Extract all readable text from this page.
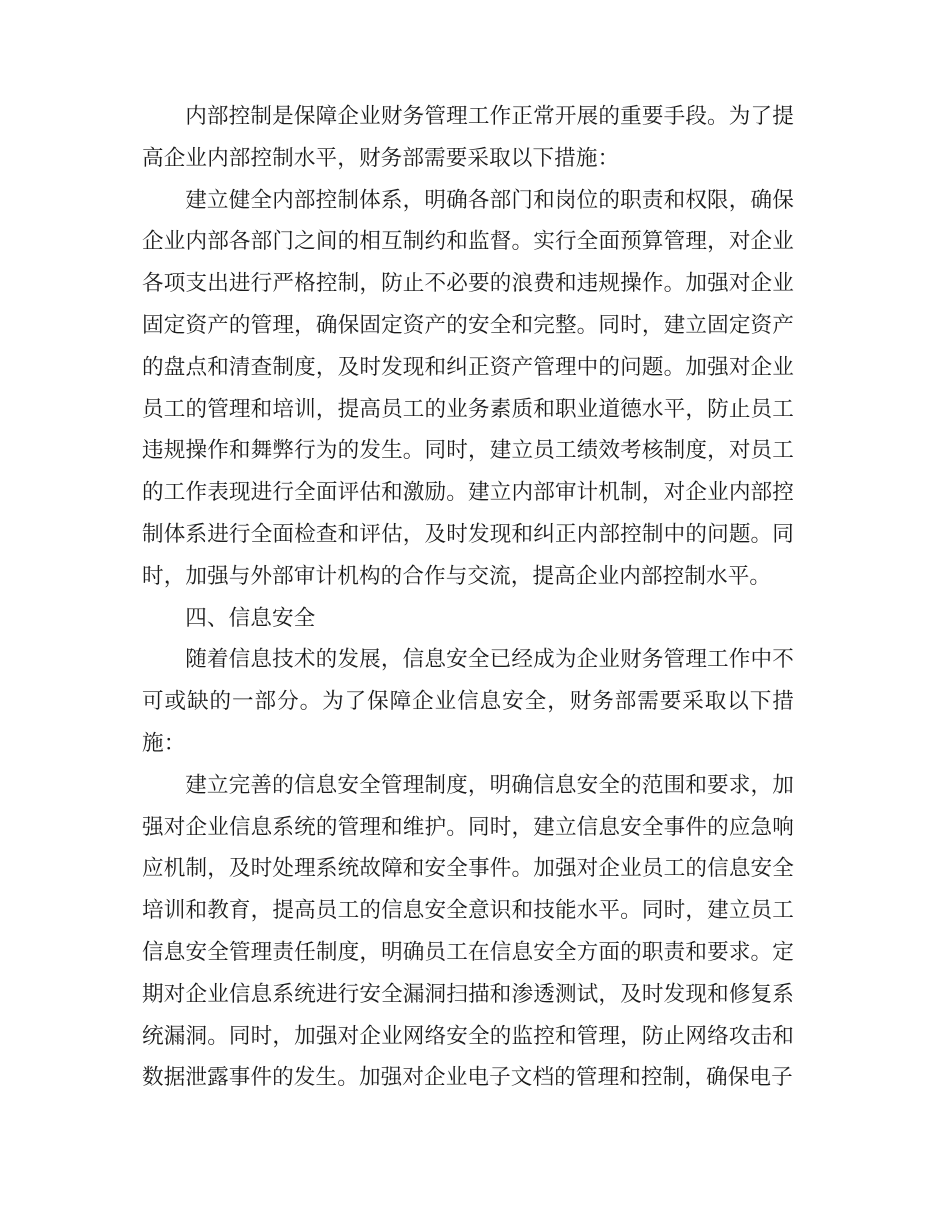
内部控制是保障企业财务管理工作正常开展的重要手段。为了提高企业内部控制水平，财务部需要采取以下措施：

建立健全内部控制体系，明确各部门和岗位的职责和权限，确保企业内部各部门之间的相互制约和监督。实行全面预算管理，对企业各项支出进行严格控制，防止不必要的浪费和违规操作。加强对企业固定资产的管理，确保固定资产的安全和完整。同时，建立固定资产的盘点和清查制度，及时发现和纠正资产管理中的问题。加强对企业员工的管理和培训，提高员工的业务素质和职业道德水平，防止员工违规操作和舞弊行为的发生。同时，建立员工绩效考核制度，对员工的工作表现进行全面评估和激励。建立内部审计机制，对企业内部控制体系进行全面检查和评估，及时发现和纠正内部控制中的问题。同时，加强与外部审计机构的合作与交流，提高企业内部控制水平。

四、信息安全

随着信息技术的发展，信息安全已经成为企业财务管理工作中不可或缺的一部分。为了保障企业信息安全，财务部需要采取以下措施：

建立完善的信息安全管理制度，明确信息安全的范围和要求，加强对企业信息系统的管理和维护。同时，建立信息安全事件的应急响应机制，及时处理系统故障和安全事件。加强对企业员工的信息安全培训和教育，提高员工的信息安全意识和技能水平。同时，建立员工信息安全管理责任制度，明确员工在信息安全方面的职责和要求。定期对企业信息系统进行安全漏洞扫描和渗透测试，及时发现和修复系统漏洞。同时，加强对企业网络安全的监控和管理，防止网络攻击和数据泄露事件的发生。加强对企业电子文档的管理和控制，确保电子
